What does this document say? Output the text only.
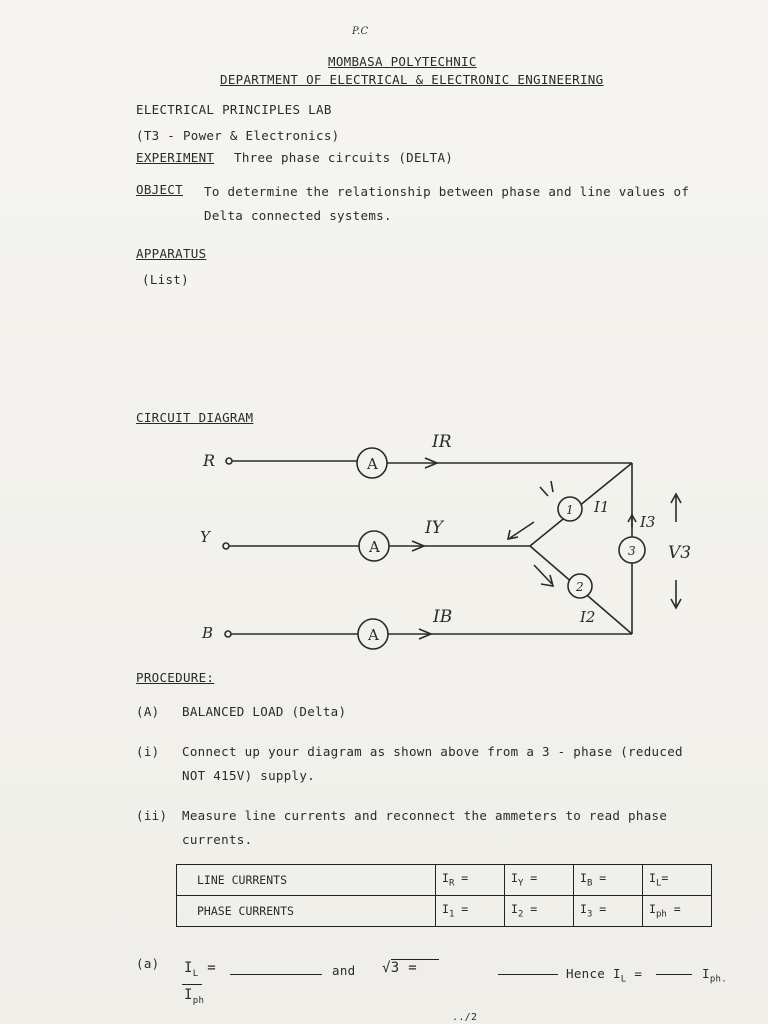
P.C
MOMBASA POLYTECHNIC
DEPARTMENT OF ELECTRICAL & ELECTRONIC ENGINEERING
ELECTRICAL PRINCIPLES LAB
(T3 - Power & Electronics)
EXPERIMENT Three phase circuits (DELTA)
OBJECT To determine the relationship between phase and line values of
Delta connected systems.
APPARATUS
(List)
CIRCUIT DIAGRAM
R
Y
B
A
A
A
IR
IY
IB
I1
I2
I3
V3
1
2
3
PROCEDURE:
(A) BALANCED LOAD (Delta)
(i) Connect up your diagram as shown above from a 3 - phase (reduced
NOT 415V) supply.
(ii) Measure line currents and reconnect the ammeters to read phase
currents.
LINE CURRENTS	$I_R$ =	$I_Y$ =	$I_B$ =	$I_L=$
PHASE CURRENTS	$I_1$ =	$I_2$ =	$I_3$ =	$I_{ph}$ =
(a) $I_L$ =
$I_{ph}$
and √3 =	Hence $I_L$ =	$I_{ph.}$
../2
